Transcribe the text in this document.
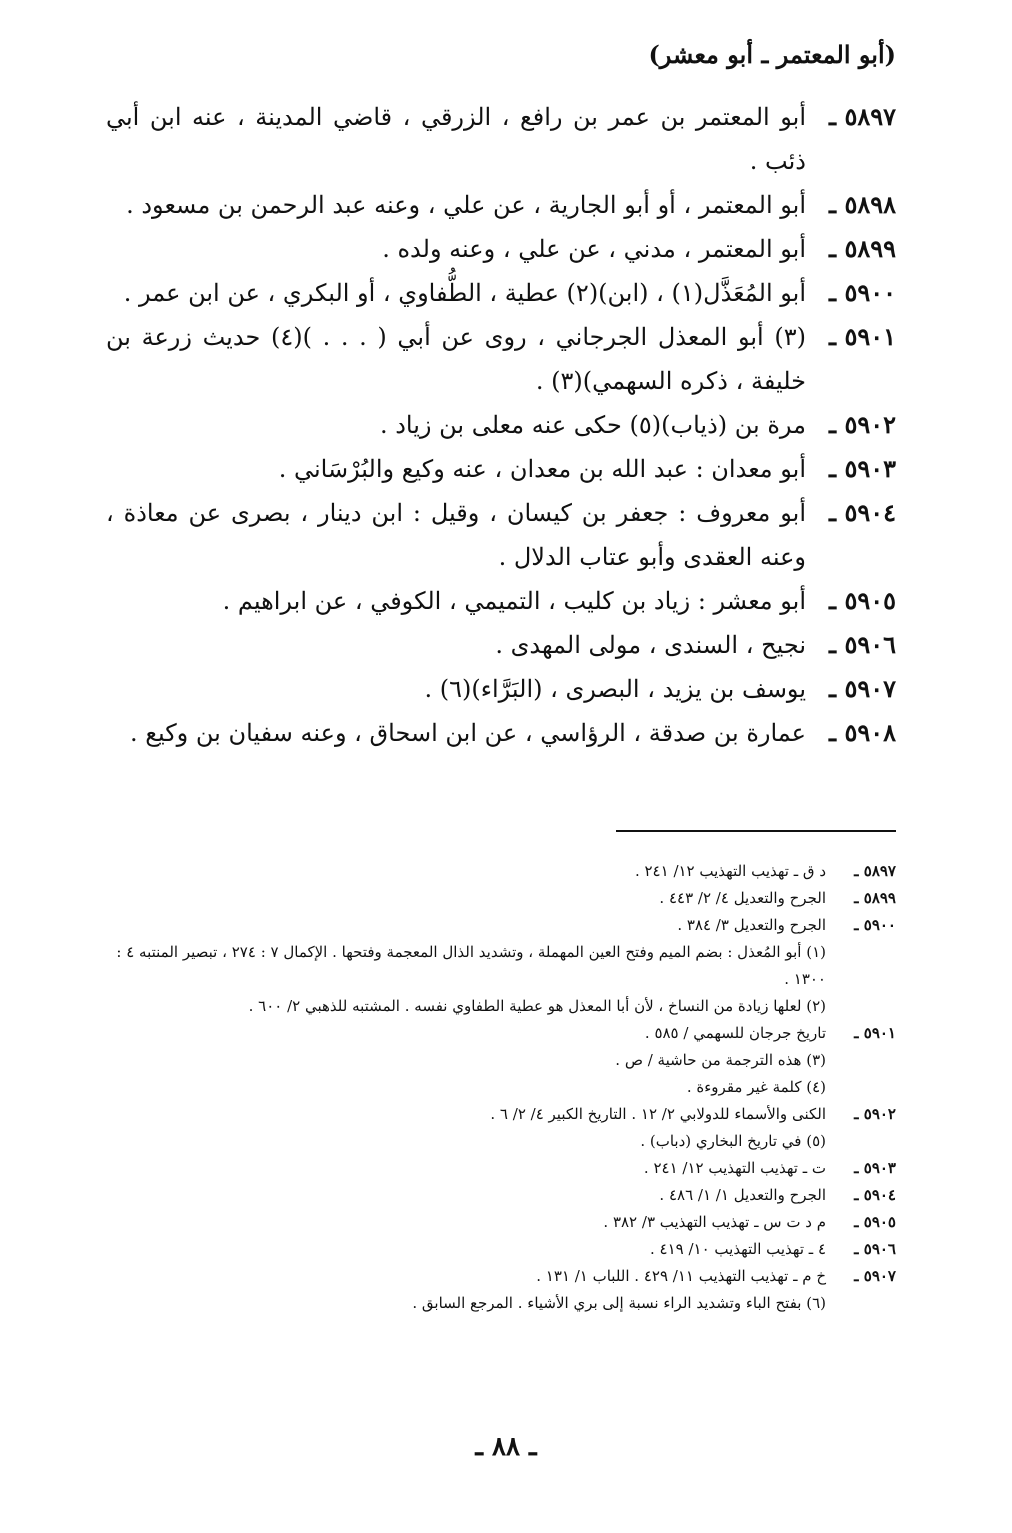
(أبو المعتمر ـ أبو معشر)
٥٨٩٧ ـ
أبو المعتمر بن عمر بن رافع ، الزرقي ، قاضي المدينة ، عنه ابن أبي ذئب .
٥٨٩٨ ـ
أبو المعتمر ، أو أبو الجارية ، عن علي ، وعنه عبد الرحمن بن مسعود .
٥٨٩٩ ـ
أبو المعتمر ، مدني ، عن علي ، وعنه ولده .
٥٩٠٠ ـ
أبو المُعَذَّل(١) ، (ابن)(٢) عطية ، الطُّفاوي ، أو البكري ، عن ابن عمر .
٥٩٠١ ـ
(٣) أبو المعذل الجرجاني ، روى عن أبي ( . . . )(٤) حديث زرعة بن خليفة ، ذكره السهمي)(٣) .
٥٩٠٢ ـ
مرة بن (ذياب)(٥) حكى عنه معلى بن زياد .
٥٩٠٣ ـ
أبو معدان : عبد الله بن معدان ، عنه وكيع والبُرْسَاني .
٥٩٠٤ ـ
أبو معروف : جعفر بن كيسان ، وقيل : ابن دينار ، بصرى عن معاذة ، وعنه العقدى وأبو عتاب الدلال .
٥٩٠٥ ـ
أبو معشر : زياد بن كليب ، التميمي ، الكوفي ، عن ابراهيم .
٥٩٠٦ ـ
نجيح ، السندى ، مولى المهدى .
٥٩٠٧ ـ
يوسف بن يزيد ، البصرى ، (البَرَّاء)(٦) .
٥٩٠٨ ـ
عمارة بن صدقة ، الرؤاسي ، عن ابن اسحاق ، وعنه سفيان بن وكيع .
٥٨٩٧ ـ
د ق ـ تهذيب التهذيب ١٢/ ٢٤١ .
٥٨٩٩ ـ
الجرح والتعديل ٤/ ٢/ ٤٤٣ .
٥٩٠٠ ـ
الجرح والتعديل ٣/ ٣٨٤ .
(١) أبو المُعذل : بضم الميم وفتح العين المهملة ، وتشديد الذال المعجمة وفتحها . الإكمال ٧ : ٢٧٤ ، تبصير المنتبه ٤ : ١٣٠٠ .
(٢) لعلها زيادة من النساخ ، لأن أبا المعذل هو عطية الطفاوي نفسه . المشتبه للذهبي ٢/ ٦٠٠ .
٥٩٠١ ـ
تاريخ جرجان للسهمي / ٥٨٥ .
(٣) هذه الترجمة من حاشية / ص .
(٤) كلمة غير مقروءة .
٥٩٠٢ ـ
الكنى والأسماء للدولابي ٢/ ١٢ . التاريخ الكبير ٤/ ٢/ ٦ .
(٥) في تاريخ البخاري (دباب) .
٥٩٠٣ ـ
ت ـ تهذيب التهذيب ١٢/ ٢٤١ .
٥٩٠٤ ـ
الجرح والتعديل ١/ ١/ ٤٨٦ .
٥٩٠٥ ـ
م د ت س ـ تهذيب التهذيب ٣/ ٣٨٢ .
٥٩٠٦ ـ
٤ ـ تهذيب التهذيب ١٠/ ٤١٩ .
٥٩٠٧ ـ
خ م ـ تهذيب التهذيب ١١/ ٤٢٩ . اللباب ١/ ١٣١ .
(٦) بفتح الباء وتشديد الراء نسبة إلى بري الأشياء . المرجع السابق .
ـ ٨٨ ـ
